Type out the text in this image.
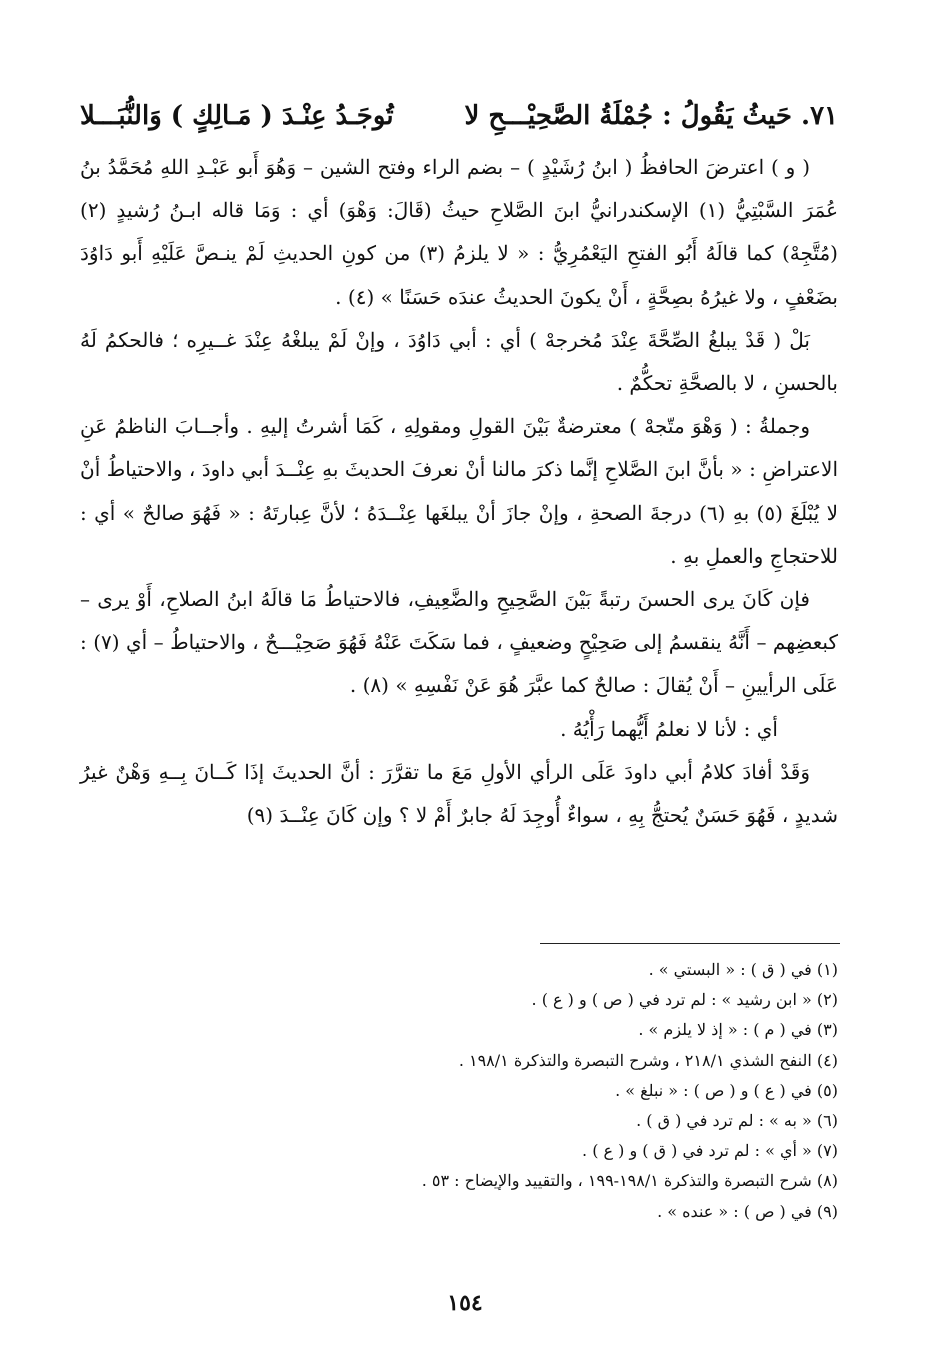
٧١. حَيثُ يَقُولُ : جُمْلَةُ الصَّحِيْـــحِ لا
تُوجَـدُ عِنْـدَ ( مَـالِكٍ ) وَالنُّبَـــلا

( و ) اعترضَ الحافظُ ( ابنُ رُشَيْدٍ ) – بضم الراء وفتح الشين – وَهُوَ أَبو عَبْـدِ اللهِ مُحَمَّدُ بنُ عُمَرَ السَّبْتِيُّ (١) الإسكندرانيُّ ابنَ الصَّلاحِ حيثُ (قَالَ: وَهْوَ) أي : وَمَا قاله ابـنُ رُشيدٍ (٢) (مُتَّجِهْ) كما قالَهُ أَبُو الفتحِ اليَعْمُرِيُّ : « لا يلزمُ (٣) من كونِ الحديثِ لَمْ ينـصَّ عَلَيْهِ أَبو دَاوُدَ بضَعْفٍ ، ولا غيرُهُ بصِحَّةٍ ، أَنْ يكونَ الحديثُ عندَه حَسَنًا » (٤) .

بَلْ ( قَدْ يبلغُ الصِّحَّةَ عِنْدَ مُخرجهْ ) أي : أبي دَاوُدَ ، وإنْ لَمْ يبلغْهُ عِنْدَ غــيرِه ؛ فالحكمُ لَهُ بالحسنِ ، لا بالصحَّةِ تحكُّمٌ .

وجملةُ : ( وَهْوَ متّجهْ ) معترضةٌ بَيْنَ القولِ ومقولِهِ ، كَمَا أشرتُ إليهِ . وأجــابَ الناظمُ عَنِ الاعتراضِ : « بأنَّ ابنَ الصَّلاحِ إنَّما ذكرَ مالنا أنْ نعرفَ الحديثَ بهِ عِنْــدَ أبي داودَ ، والاحتياطُ أنْ لا يُبْلَغَ (٥) بهِ (٦) درجةَ الصحةِ ، وإنْ جازَ أنْ يبلغَها عِنْــدَهُ ؛ لأنَّ عِبارتَهُ : « فَهُوَ صالحٌ » أي : للاحتجاجِ والعملِ بهِ .

فإن كَانَ يرى الحسنَ رتبةً بَيْنَ الصَّحِيحِ والضَّعِيفِ، فالاحتياطُ مَا قالَهُ ابنُ الصلاحِ، أَوْ يرى – كبعضِهم – أَنَّهُ ينقسمُ إلى صَحِيْحٍ وضعيفٍ ، فما سَكَتَ عَنْهُ فَهُوَ صَحِيْـــحٌ ، والاحتياطُ – أي (٧) : عَلَى الرأيينِ – أَنْ يُقالَ : صالحٌ كما عبَّرَ هُوَ عَنْ نَفْسِهِ » (٨) .

أي : لأنا لا نعلمُ أَيُّهما رَأْيُهُ .

وَقَدْ أفادَ كلامُ أبي داودَ عَلَى الرأي الأولِ مَعَ ما تقرَّرَ : أنَّ الحديثَ إذَا كَــانَ بِــهِ وَهْنٌ غيرُ شديدٍ ، فَهُوَ حَسَنٌ يُحتجُّ بِهِ ، سواءٌ أُوجِدَ لَهُ جابرٌ أَمْ لا ؟ وإن كَانَ عِنْــدَ (٩)

(١) في ( ق ) : « البستي » .

(٢) « ابن رشيد » : لم ترد في ( ص ) و ( ع ) .

(٣) في ( م ) : « إذ لا يلزم » .

(٤) النفح الشذي ٢١٨/١ ، وشرح التبصرة والتذكرة ١٩٨/١ .

(٥) في ( ع ) و ( ص ) : « نبلغ » .

(٦) « به » : لم ترد في ( ق ) .

(٧) « أي » : لم ترد في ( ق ) و ( ع ) .

(٨) شرح التبصرة والتذكرة ١٩٨/١-١٩٩ ، والتقييد والإيضاح : ٥٣ .

(٩) في ( ص ) : « عنده » .

١٥٤
